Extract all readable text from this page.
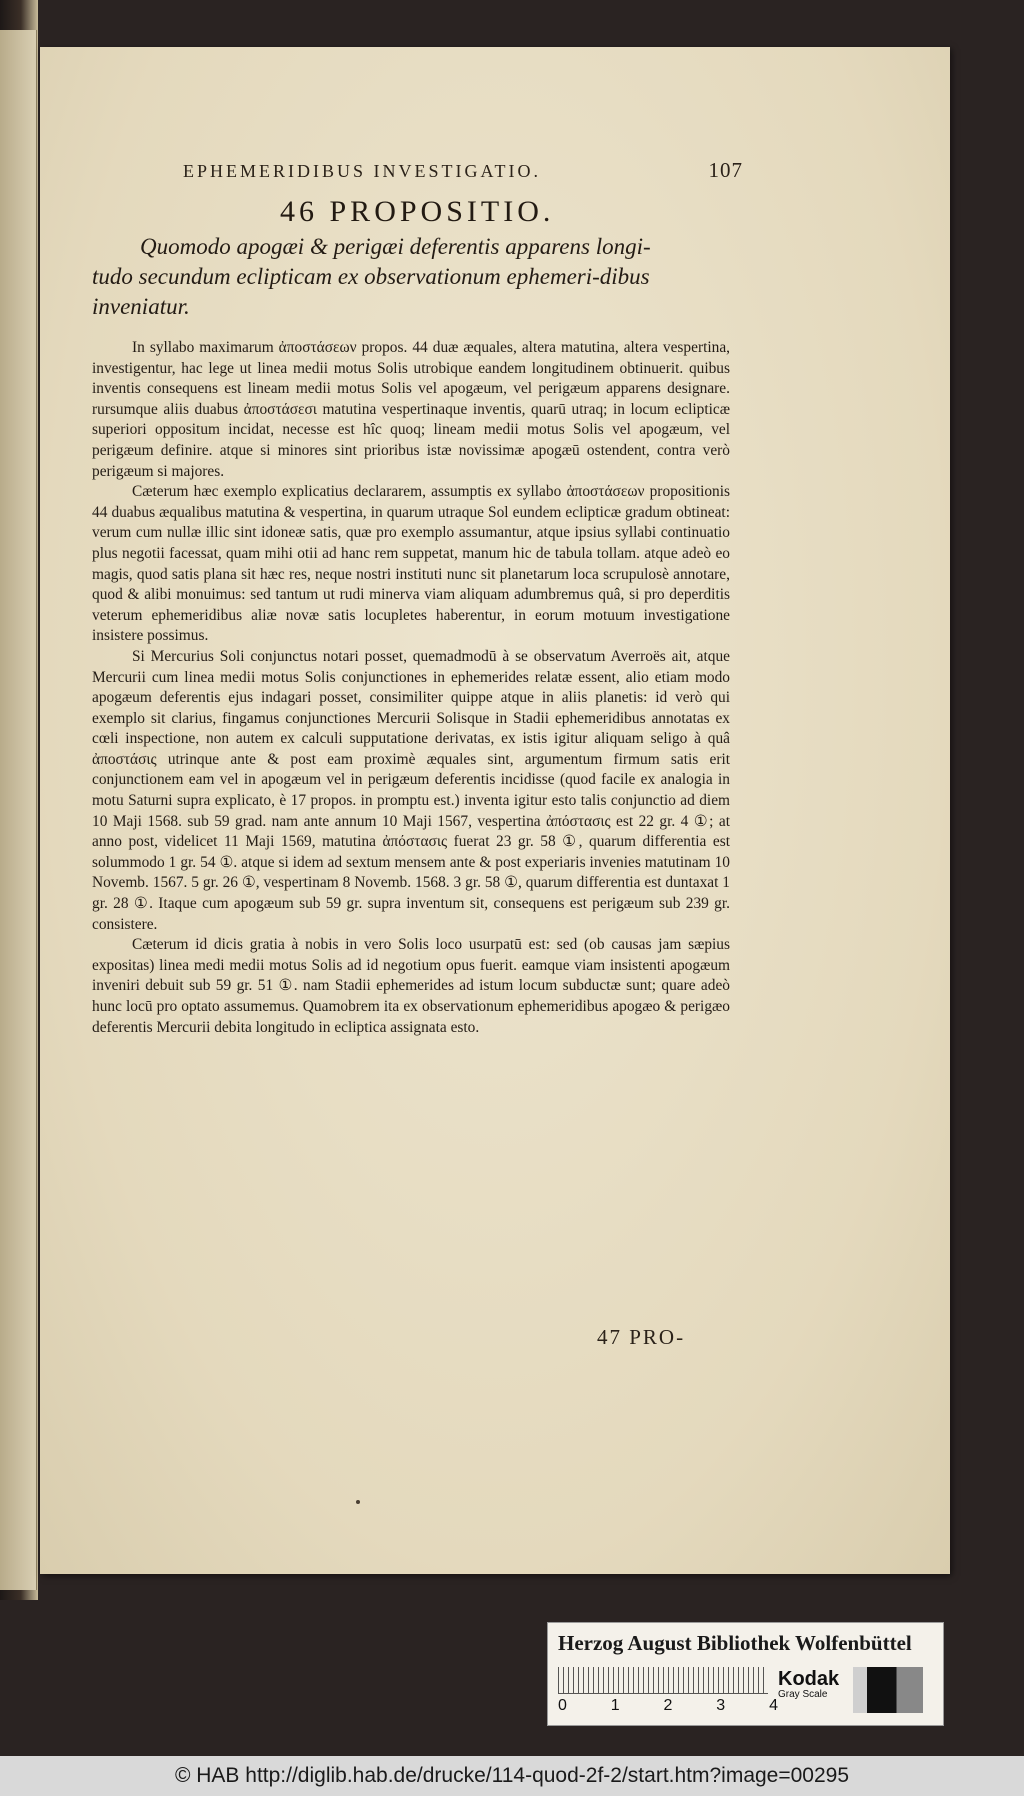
EPHEMERIDIBUS INVESTIGATIO.	107
46 PROPOSITIO.
Quomodo apogæi & perigæi deferentis apparens longi-
tudo secundum eclipticam ex observationum ephemeri-dibus inveniatur.

In syllabo maximarum ἀποστάσεων propos. 44 duæ æquales, altera matutina, altera vespertina, investigentur, hac lege ut linea medii motus Solis utrobique eandem longitudinem obtinuerit. quibus inventis consequens est lineam medii motus Solis vel apogæum, vel perigæum apparens designare. rursumque aliis duabus ἀποστάσεσι matutina vespertinaque inventis, quarū utraq; in locum eclipticæ superiori oppositum incidat, necesse est hîc quoq; lineam medii motus Solis vel apogæum, vel perigæum definire. atque si minores sint prioribus istæ novissimæ apogæū ostendent, contra verò perigæum si majores.

Cæterum hæc exemplo explicatius declararem, assumptis ex syllabo ἀποστάσεων propositionis 44 duabus æqualibus matutina & vespertina, in quarum utraque Sol eundem eclipticæ gradum obtineat: verum cum nullæ illic sint idoneæ satis, quæ pro exemplo assumantur, atque ipsius syllabi continuatio plus negotii facessat, quam mihi otii ad hanc rem suppetat, manum hic de tabula tollam. atque adeò eo magis, quod satis plana sit hæc res, neque nostri instituti nunc sit planetarum loca scrupulosè annotare, quod & alibi monuimus: sed tantum ut rudi minerva viam aliquam adumbremus quâ, si pro deperditis veterum ephemeridibus aliæ novæ satis locupletes haberentur, in eorum motuum investigatione insistere possimus.

Si Mercurius Soli conjunctus notari posset, quemadmodū à se observatum Averroës ait, atque Mercurii cum linea medii motus Solis conjunctiones in ephemerides relatæ essent, alio etiam modo apogæum deferentis ejus indagari posset, consimiliter quippe atque in aliis planetis: id verò qui exemplo sit clarius, fingamus conjunctiones Mercurii Solisque in Stadii ephemeridibus annotatas ex cœli inspectione, non autem ex calculi supputatione derivatas, ex istis igitur aliquam seligo à quâ ἀποστάσις utrinque ante & post eam proximè æquales sint, argumentum firmum satis erit conjunctionem eam vel in apogæum vel in perigæum deferentis incidisse (quod facile ex analogia in motu Saturni supra explicato, è 17 propos. in promptu est.) inventa igitur esto talis conjunctio ad diem 10 Maji 1568. sub 59 grad. nam ante annum 10 Maji 1567, vespertina ἀπόστασις est 22 gr. 4 ①; at anno post, videlicet 11 Maji 1569, matutina ἀπόστασις fuerat 23 gr. 58 ①, quarum differentia est solummodo 1 gr. 54 ①. atque si idem ad sextum mensem ante & post experiaris invenies matutinam 10 Novemb. 1567. 5 gr. 26 ①, vespertinam 8 Novemb. 1568. 3 gr. 58 ①, quarum differentia est duntaxat 1 gr. 28 ①. Itaque cum apogæum sub 59 gr. supra inventum sit, consequens est perigæum sub 239 gr. consistere.

Cæterum id dicis gratia à nobis in vero Solis loco usurpatū est: sed (ob causas jam sæpius expositas) linea medi medii motus Solis ad id negotium opus fuerit. eamque viam insistenti apogæum inveniri debuit sub 59 gr. 51 ①. nam Stadii ephemerides ad istum locum subductæ sunt; quare adeò hunc locū pro optato assumemus. Quamobrem ita ex observationum ephemeridibus apogæo & perigæo deferentis Mercurii debita longitudo in ecliptica assignata esto.

47 PRO-
Herzog August Bibliothek Wolfenbüttel
0	1	2	3	4
Kodak
Gray Scale
© HAB http://diglib.hab.de/drucke/114-quod-2f-2/start.htm?image=00295
